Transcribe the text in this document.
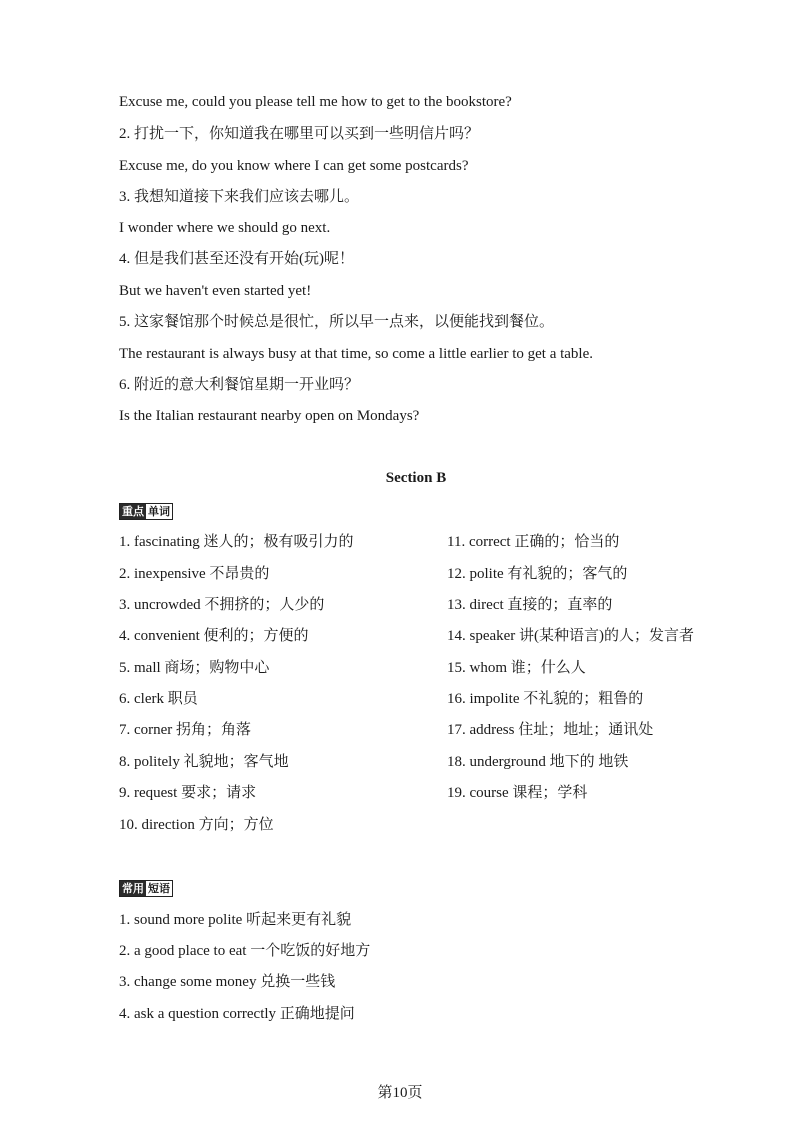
Excuse me, could you please tell me how to get to the bookstore?
2. 打扰一下，你知道我在哪里可以买到一些明信片吗？
Excuse me, do you know where I can get some postcards?
3. 我想知道接下来我们应该去哪儿。
I wonder where we should go next.
4. 但是我们甚至还没有开始(玩)呢！
But we haven't even started yet!
5. 这家餐馆那个时候总是很忙，所以早一点来，以便能找到餐位。
The restaurant is always busy at that time, so come a little earlier to get a table.
6. 附近的意大利餐馆星期一开业吗？
Is the Italian restaurant nearby open on Mondays?
Section B
重点 单词
1. fascinating 迷人的；极有吸引力的
2. inexpensive 不昂贵的
3. uncrowded 不拥挤的；人少的
4. convenient 便利的；方便的
5. mall 商场；购物中心
6. clerk 职员
7. corner 拐角；角落
8. politely 礼貌地；客气地
9. request 要求；请求
10. direction 方向；方位
11. correct 正确的；恰当的
12. polite 有礼貌的；客气的
13. direct 直接的；直率的
14. speaker 讲(某种语言)的人；发言者
15. whom 谁；什么人
16. impolite 不礼貌的；粗鲁的
17. address 住址；地址；通讯处
18. underground 地下的 地铁
19. course 课程；学科
常用 短语
1. sound more polite 听起来更有礼貌
2. a good place to eat 一个吃饭的好地方
3. change some money 兑换一些钱
4. ask a question correctly 正确地提问
第10页
